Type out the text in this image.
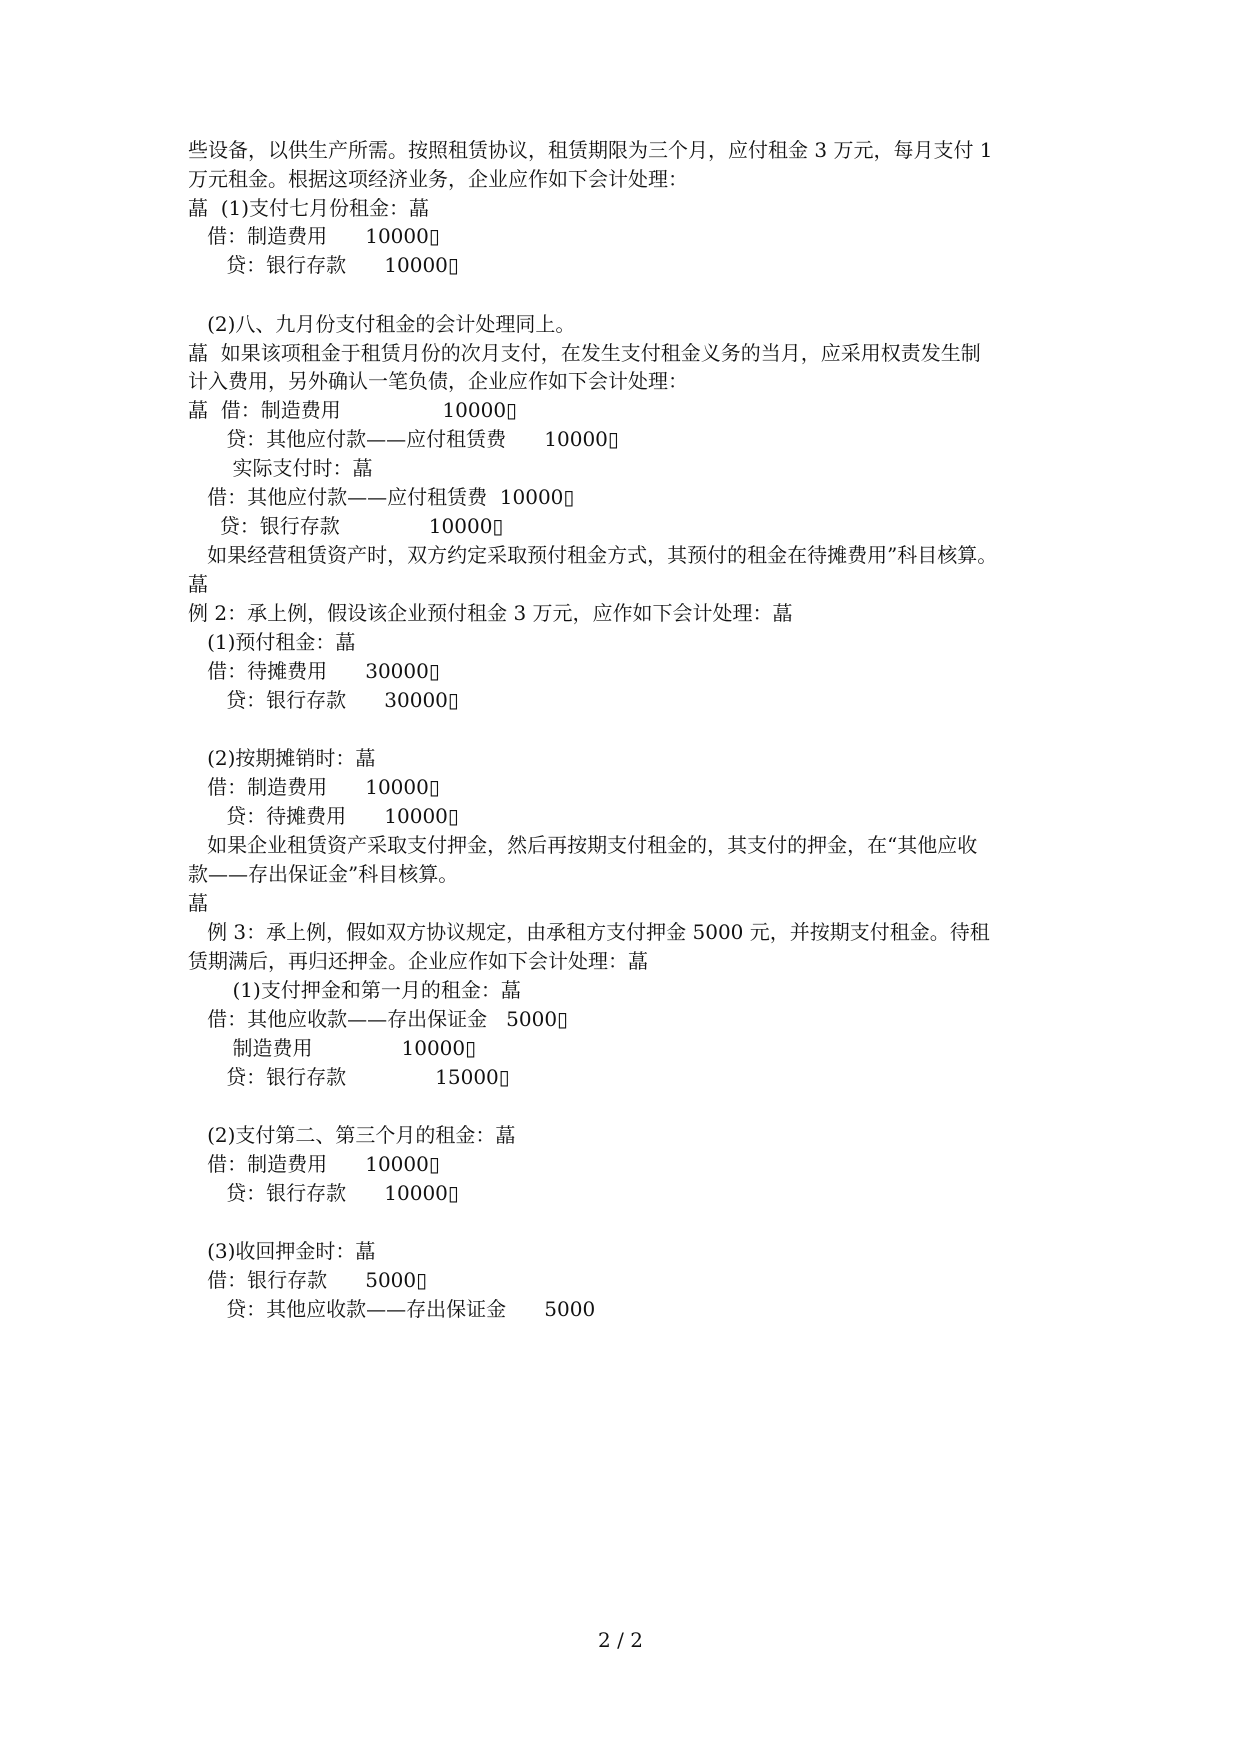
些设备，以供生产所需。按照租赁协议，租赁期限为三个月，应付租金 3 万元，每月支付 1
万元租金。根据这项经济业务，企业应作如下会计处理：
蕌  (1)支付七月份租金：蕌
借：制造费用      10000▯
贷：银行存款      10000▯
(2)八、九月份支付租金的会计处理同上。
蕌  如果该项租金于租赁月份的次月支付，在发生支付租金义务的当月，应采用权责发生制
计入费用，另外确认一笔负债，企业应作如下会计处理：
蕌  借：制造费用                10000▯
贷：其他应付款——应付租赁费      10000▯
实际支付时：蕌
借：其他应付款——应付租赁费  10000▯
贷：银行存款              10000▯
如果经营租赁资产时，双方约定采取预付租金方式，其预付的租金在待摊费用”科目核算。
蕌
例 2：承上例，假设该企业预付租金 3 万元，应作如下会计处理：蕌
(1)预付租金：蕌
借：待摊费用      30000▯
贷：银行存款      30000▯
(2)按期摊销时：蕌
借：制造费用      10000▯
贷：待摊费用      10000▯
如果企业租赁资产采取支付押金，然后再按期支付租金的，其支付的押金，在“其他应收
款——存出保证金”科目核算。
蕌
例 3：承上例，假如双方协议规定，由承租方支付押金 5000 元，并按期支付租金。待租
赁期满后，再归还押金。企业应作如下会计处理：蕌
(1)支付押金和第一月的租金：蕌
借：其他应收款——存出保证金   5000▯
制造费用              10000▯
贷：银行存款              15000▯
(2)支付第二、第三个月的租金：蕌
借：制造费用      10000▯
贷：银行存款      10000▯
(3)收回押金时：蕌
借：银行存款      5000▯
贷：其他应收款——存出保证金      5000
2 / 2
